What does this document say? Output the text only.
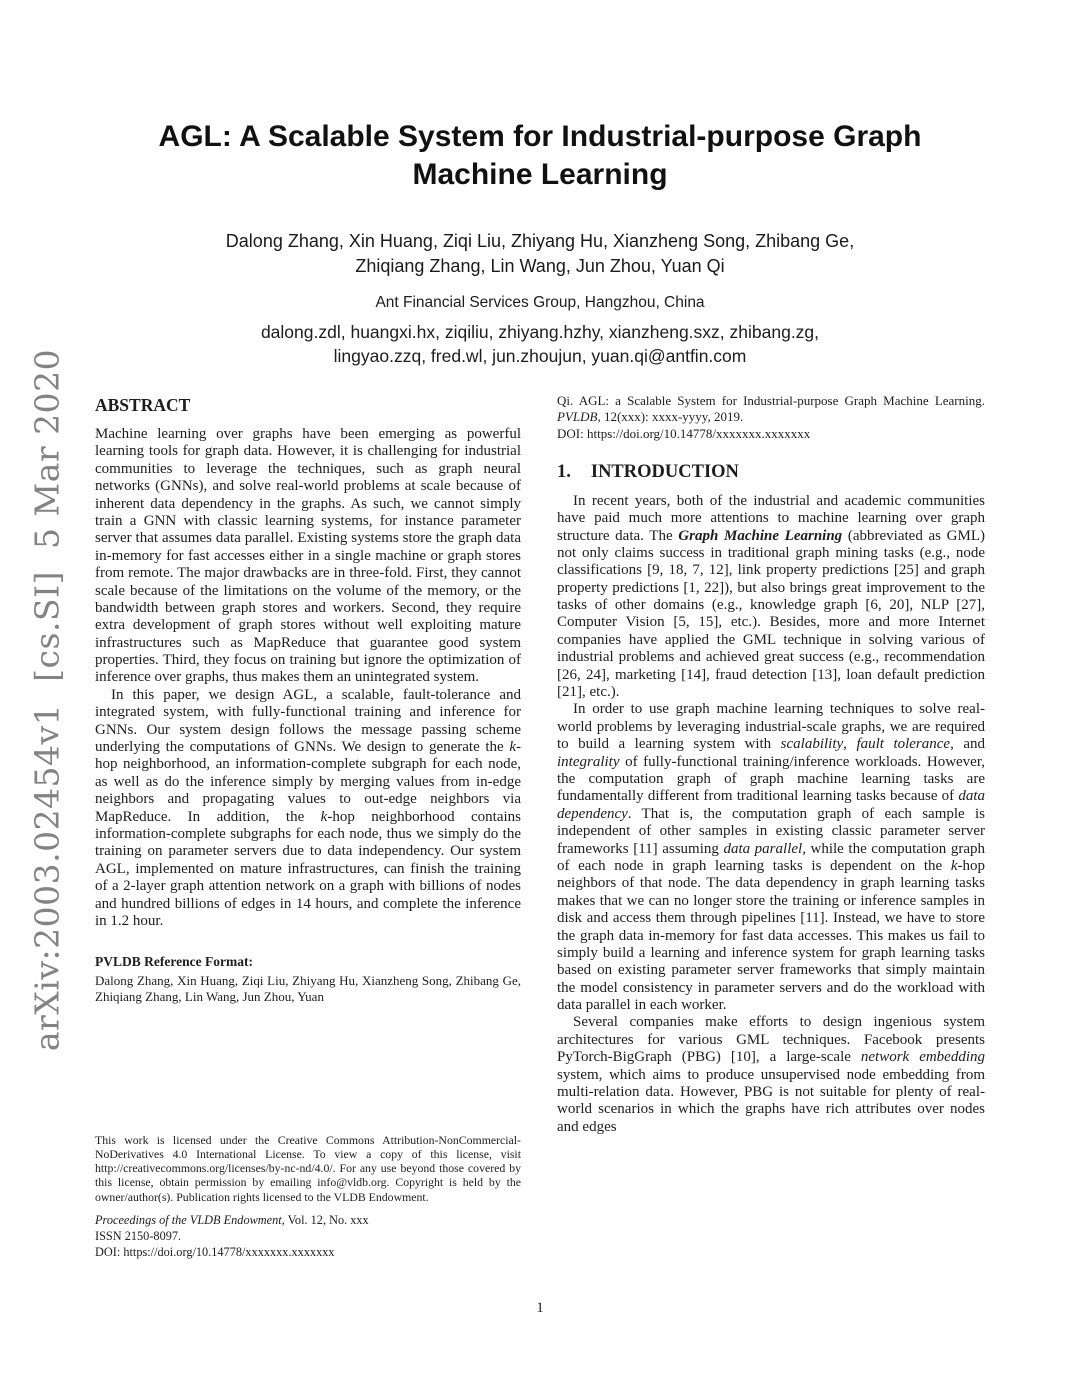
arXiv:2003.02454v1  [cs.SI]  5 Mar 2020
AGL: A Scalable System for Industrial-purpose Graph
Machine Learning
Dalong Zhang, Xin Huang, Ziqi Liu, Zhiyang Hu, Xianzheng Song, Zhibang Ge,
Zhiqiang Zhang, Lin Wang, Jun Zhou, Yuan Qi
Ant Financial Services Group, Hangzhou, China
dalong.zdl, huangxi.hx, ziqiliu, zhiyang.hzhy, xianzheng.sxz, zhibang.zg,
lingyao.zzq, fred.wl, jun.zhoujun, yuan.qi@antfin.com
ABSTRACT

Machine learning over graphs have been emerging as powerful learning tools for graph data. However, it is challenging for industrial communities to leverage the techniques, such as graph neural networks (GNNs), and solve real-world problems at scale because of inherent data dependency in the graphs. As such, we cannot simply train a GNN with classic learning systems, for instance parameter server that assumes data parallel. Existing systems store the graph data in-memory for fast accesses either in a single machine or graph stores from remote. The major drawbacks are in three-fold. First, they cannot scale because of the limitations on the volume of the memory, or the bandwidth between graph stores and workers. Second, they require extra development of graph stores without well exploiting mature infrastructures such as MapReduce that guarantee good system properties. Third, they focus on training but ignore the optimization of inference over graphs, thus makes them an unintegrated system.

In this paper, we design AGL, a scalable, fault-tolerance and integrated system, with fully-functional training and inference for GNNs. Our system design follows the message passing scheme underlying the computations of GNNs. We design to generate the k-hop neighborhood, an information-complete subgraph for each node, as well as do the inference simply by merging values from in-edge neighbors and propagating values to out-edge neighbors via MapReduce. In addition, the k-hop neighborhood contains information-complete subgraphs for each node, thus we simply do the training on parameter servers due to data independency. Our system AGL, implemented on mature infrastructures, can finish the training of a 2-layer graph attention network on a graph with billions of nodes and hundred billions of edges in 14 hours, and complete the inference in 1.2 hour.

PVLDB Reference Format:
Dalong Zhang, Xin Huang, Ziqi Liu, Zhiyang Hu, Xianzheng Song, Zhibang Ge, Zhiqiang Zhang, Lin Wang, Jun Zhou, Yuan

This work is licensed under the Creative Commons Attribution-NonCommercial-NoDerivatives 4.0 International License. To view a copy of this license, visit http://creativecommons.org/licenses/by-nc-nd/4.0/. For any use beyond those covered by this license, obtain permission by emailing info@vldb.org. Copyright is held by the owner/author(s). Publication rights licensed to the VLDB Endowment.

Proceedings of the VLDB Endowment, Vol. 12, No. xxx
ISSN 2150-8097.
DOI: https://doi.org/10.14778/xxxxxxx.xxxxxxx
Qi. AGL: a Scalable System for Industrial-purpose Graph Machine Learning. PVLDB, 12(xxx): xxxx-yyyy, 2019.
DOI: https://doi.org/10.14778/xxxxxxx.xxxxxxx
1. INTRODUCTION

In recent years, both of the industrial and academic communities have paid much more attentions to machine learning over graph structure data. The Graph Machine Learning (abbreviated as GML) not only claims success in traditional graph mining tasks (e.g., node classifications [9, 18, 7, 12], link property predictions [25] and graph property predictions [1, 22]), but also brings great improvement to the tasks of other domains (e.g., knowledge graph [6, 20], NLP [27], Computer Vision [5, 15], etc.). Besides, more and more Internet companies have applied the GML technique in solving various of industrial problems and achieved great success (e.g., recommendation [26, 24], marketing [14], fraud detection [13], loan default prediction [21], etc.).

In order to use graph machine learning techniques to solve real-world problems by leveraging industrial-scale graphs, we are required to build a learning system with scalability, fault tolerance, and integrality of fully-functional training/inference workloads. However, the computation graph of graph machine learning tasks are fundamentally different from traditional learning tasks because of data dependency. That is, the computation graph of each sample is independent of other samples in existing classic parameter server frameworks [11] assuming data parallel, while the computation graph of each node in graph learning tasks is dependent on the k-hop neighbors of that node. The data dependency in graph learning tasks makes that we can no longer store the training or inference samples in disk and access them through pipelines [11]. Instead, we have to store the graph data in-memory for fast data accesses. This makes us fail to simply build a learning and inference system for graph learning tasks based on existing parameter server frameworks that simply maintain the model consistency in parameter servers and do the workload with data parallel in each worker.

Several companies make efforts to design ingenious system architectures for various GML techniques. Facebook presents PyTorch-BigGraph (PBG) [10], a large-scale network embedding system, which aims to produce unsupervised node embedding from multi-relation data. However, PBG is not suitable for plenty of real-world scenarios in which the graphs have rich attributes over nodes and edges

1
